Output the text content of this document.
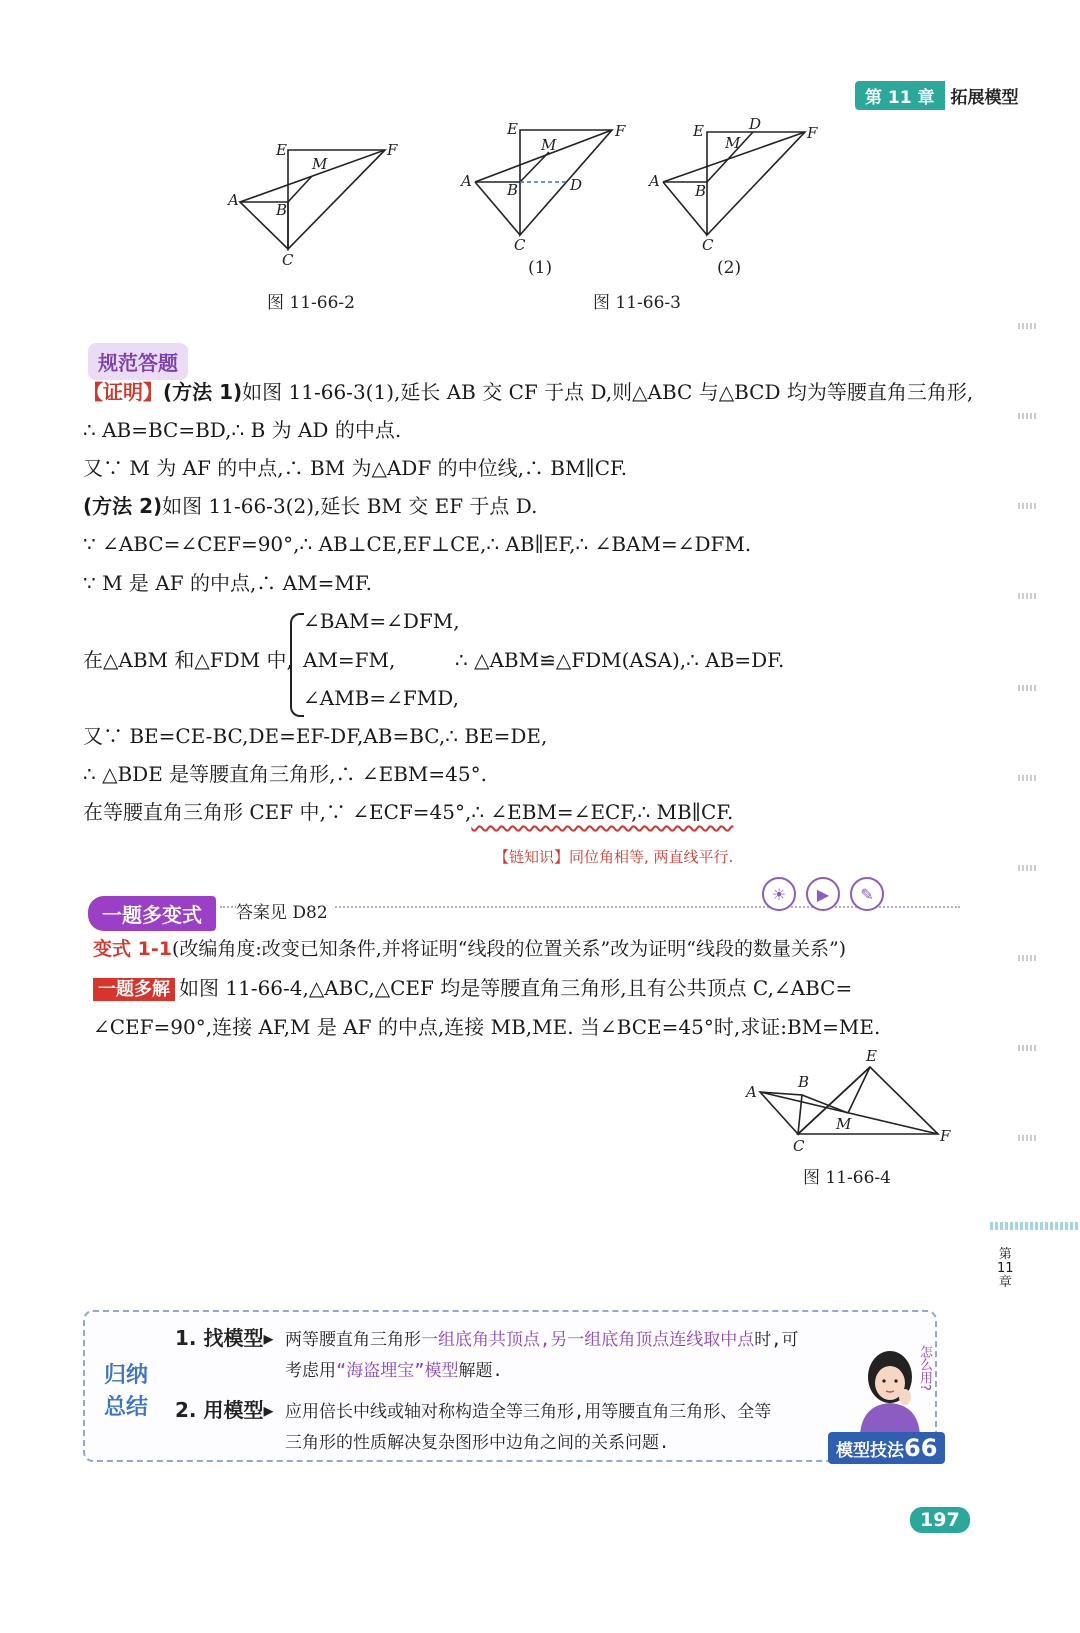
第 11 章 拓展模型
A
B
C
E	F
M
图 11-66-2
A B
C
D
E	F
M
(1)
A
B
C
D
E	F
M
(2)
图 11-66-3
规范答题
【证明】(方法 1)如图 11-66-3(1),延长 AB 交 CF 于点 D,则△ABC 与△BCD 均为等腰直角三角形,
∴ AB=BC=BD,∴ B 为 AD 的中点.
又∵ M 为 AF 的中点,∴ BM 为△ADF 的中位线,∴ BM∥CF.
(方法 2)如图 11-66-3(2),延长 BM 交 EF 于点 D.
∵ ∠ABC=∠CEF=90°,∴ AB⊥CE,EF⊥CE,∴ AB∥EF,∴ ∠BAM=∠DFM.
∵ M 是 AF 的中点,∴ AM=MF.
在△ABM 和△FDM 中,
∠BAM=∠DFM,
AM=FM,
∠AMB=∠FMD,
∴ △ABM≌△FDM(ASA),∴ AB=DF.
又∵ BE=CE-BC,DE=EF-DF,AB=BC,∴ BE=DE,
∴ △BDE 是等腰直角三角形,∴ ∠EBM=45°.
在等腰直角三角形 CEF 中,∵ ∠ECF=45°,∴ ∠EBM=∠ECF,∴ MB∥CF.
【链知识】同位角相等, 两直线平行.
一题多变式	答案见 D82
☀	▶	✎
变式 1-1(改编角度:改变已知条件,并将证明“线段的位置关系”改为证明“线段的数量关系”)
一题多解 如图 11-66-4,△ABC,△CEF 均是等腰直角三角形,且有公共顶点 C,∠ABC=
∠CEF=90°,连接 AF,M 是 AF 的中点,连接 MB,ME. 当∠BCE=45°时,求证:BM=ME.
A
B
C
E
F
M
图 11-66-4
归纳
总结
1. 找模型▸ 两等腰直角三角形一组底角共顶点,另一组底角顶点连线取中点时,可
考虑用“海盗埋宝”模型解题.
2. 用模型▸ 应用倍长中线或轴对称构造全等三角形,用等腰直角三角形、全等
三角形的性质解决复杂图形中边角之间的关系问题.
怎么用?
模型技法66
第
11
章
197
